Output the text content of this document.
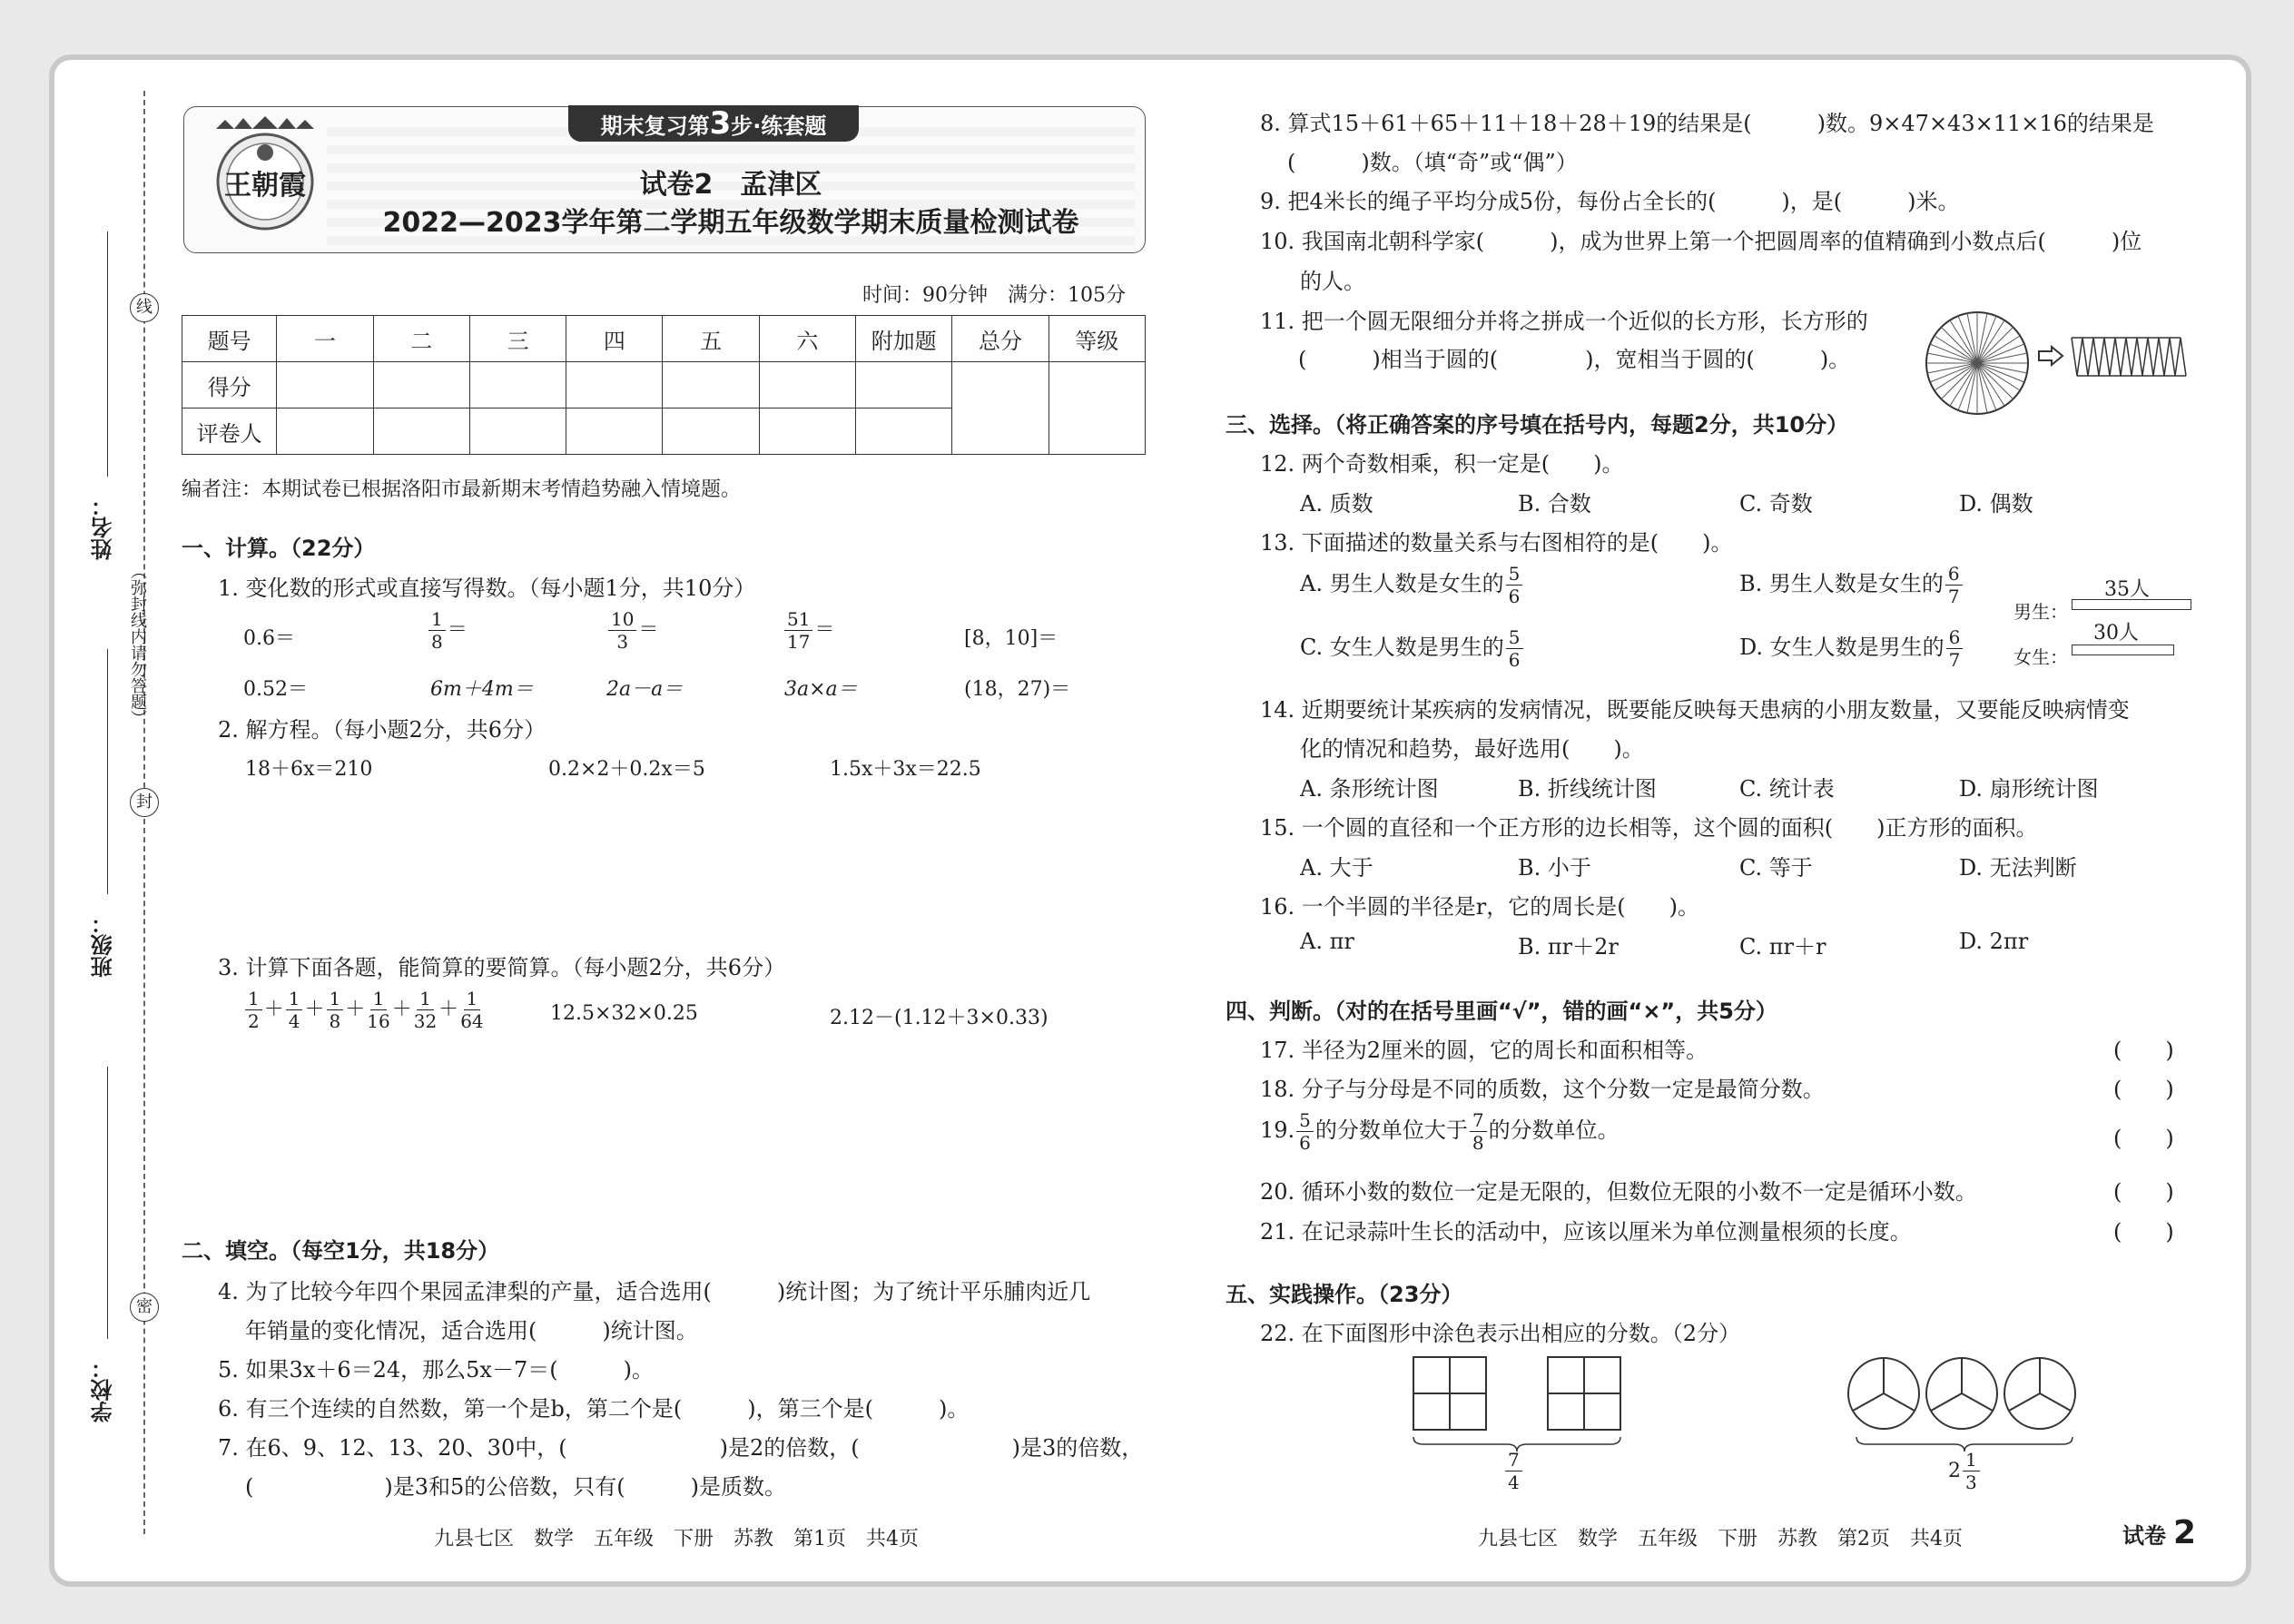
线
封
密
（弥封线内请勿答题）
姓名：
班级：
学校：
王朝霞
期末复习第3步·练套题
试卷2　孟津区
2022—2023学年第二学期五年级数学期末质量检测试卷
时间：90分钟　满分：105分
题号	一	二	三	四	五	六	附加题	总分	等级
得分									
评卷人									
编者注：本期试卷已根据洛阳市最新期末考情趋势融入情境题。
一、计算。（22分）
1. 变化数的形式或直接写得数。（每小题1分，共10分）
0.6＝	$\frac{1}{8}$ ＝	$\frac{10}{3}$ ＝	$\frac{51}{17}$ ＝	[8，10]＝
0.52＝	6m＋4m＝	2a－a＝	3a×a＝	(18，27)＝
2. 解方程。（每小题2分，共6分）
18＋6x＝210	0.2×2＋0.2x＝5	1.5x＋3x＝22.5
3. 计算下面各题，能简算的要简算。（每小题2分，共6分）
$\frac{1}{2} + \frac{1}{4} + \frac{1}{8} + \frac{1}{16} + \frac{1}{32} + \frac{1}{64}$	12.5×32×0.25	2.12－(1.12＋3×0.33)
二、填空。（每空1分，共18分）
4. 为了比较今年四个果园孟津梨的产量，适合选用(　　　)统计图；为了统计平乐脯肉近几
年销量的变化情况，适合选用(　　　)统计图。
5. 如果3x＋6＝24，那么5x－7＝(　　　)。
6. 有三个连续的自然数，第一个是b，第二个是(　　　)，第三个是(　　　)。
7. 在6、9、12、13、20、30中，(　　　　　　　)是2的倍数，(　　　　　　　)是3的倍数，
(　　　　　　)是3和5的公倍数，只有(　　　)是质数。
九县七区　数学　五年级　下册　苏教　第1页　共4页
8. 算式15＋61＋65＋11＋18＋28＋19的结果是(　　　)数。9×47×43×11×16的结果是
(　　　)数。（填“奇”或“偶”）
9. 把4米长的绳子平均分成5份，每份占全长的(　　　)，是(　　　)米。
10. 我国南北朝科学家(　　　)，成为世界上第一个把圆周率的值精确到小数点后(　　　)位
的人。
11. 把一个圆无限细分并将之拼成一个近似的长方形，长方形的
(　　　)相当于圆的(　　　　)，宽相当于圆的(　　　)。
三、选择。（将正确答案的序号填在括号内，每题2分，共10分）
12. 两个奇数相乘，积一定是(　　)。
A. 质数	B. 合数	C. 奇数	D. 偶数
13. 下面描述的数量关系与右图相符的是(　　)。
A. 男生人数是女生的 $\frac{5}{6}$	B. 男生人数是女生的 $\frac{6}{7}$
C. 女生人数是男生的 $\frac{5}{6}$	D. 女生人数是男生的 $\frac{6}{7}$
35人
男生：
30人
女生：
14. 近期要统计某疾病的发病情况，既要能反映每天患病的小朋友数量，又要能反映病情变
化的情况和趋势，最好选用(　　)。
A. 条形统计图	B. 折线统计图	C. 统计表	D. 扇形统计图
15. 一个圆的直径和一个正方形的边长相等，这个圆的面积(　　)正方形的面积。
A. 大于	B. 小于	C. 等于	D. 无法判断
16. 一个半圆的半径是r，它的周长是(　　)。
A. πr	B. πr＋2r	C. πr＋r	D. 2πr
四、判断。（对的在括号里画“√”，错的画“×”，共5分）
17. 半径为2厘米的圆，它的周长和面积相等。	(　　)
18. 分子与分母是不同的质数，这个分数一定是最简分数。	(　　)
19. $\frac{5}{6}$ 的分数单位大于 $\frac{7}{8}$ 的分数单位。	(　　)
20. 循环小数的数位一定是无限的，但数位无限的小数不一定是循环小数。	(　　)
21. 在记录蒜叶生长的活动中，应该以厘米为单位测量根须的长度。	(　　)
五、实践操作。（23分）
22. 在下面图形中涂色表示出相应的分数。（2分）
$\frac{7}{4}$	$2 \frac{1}{3}$
九县七区　数学　五年级　下册　苏教　第2页　共4页	试卷 2
